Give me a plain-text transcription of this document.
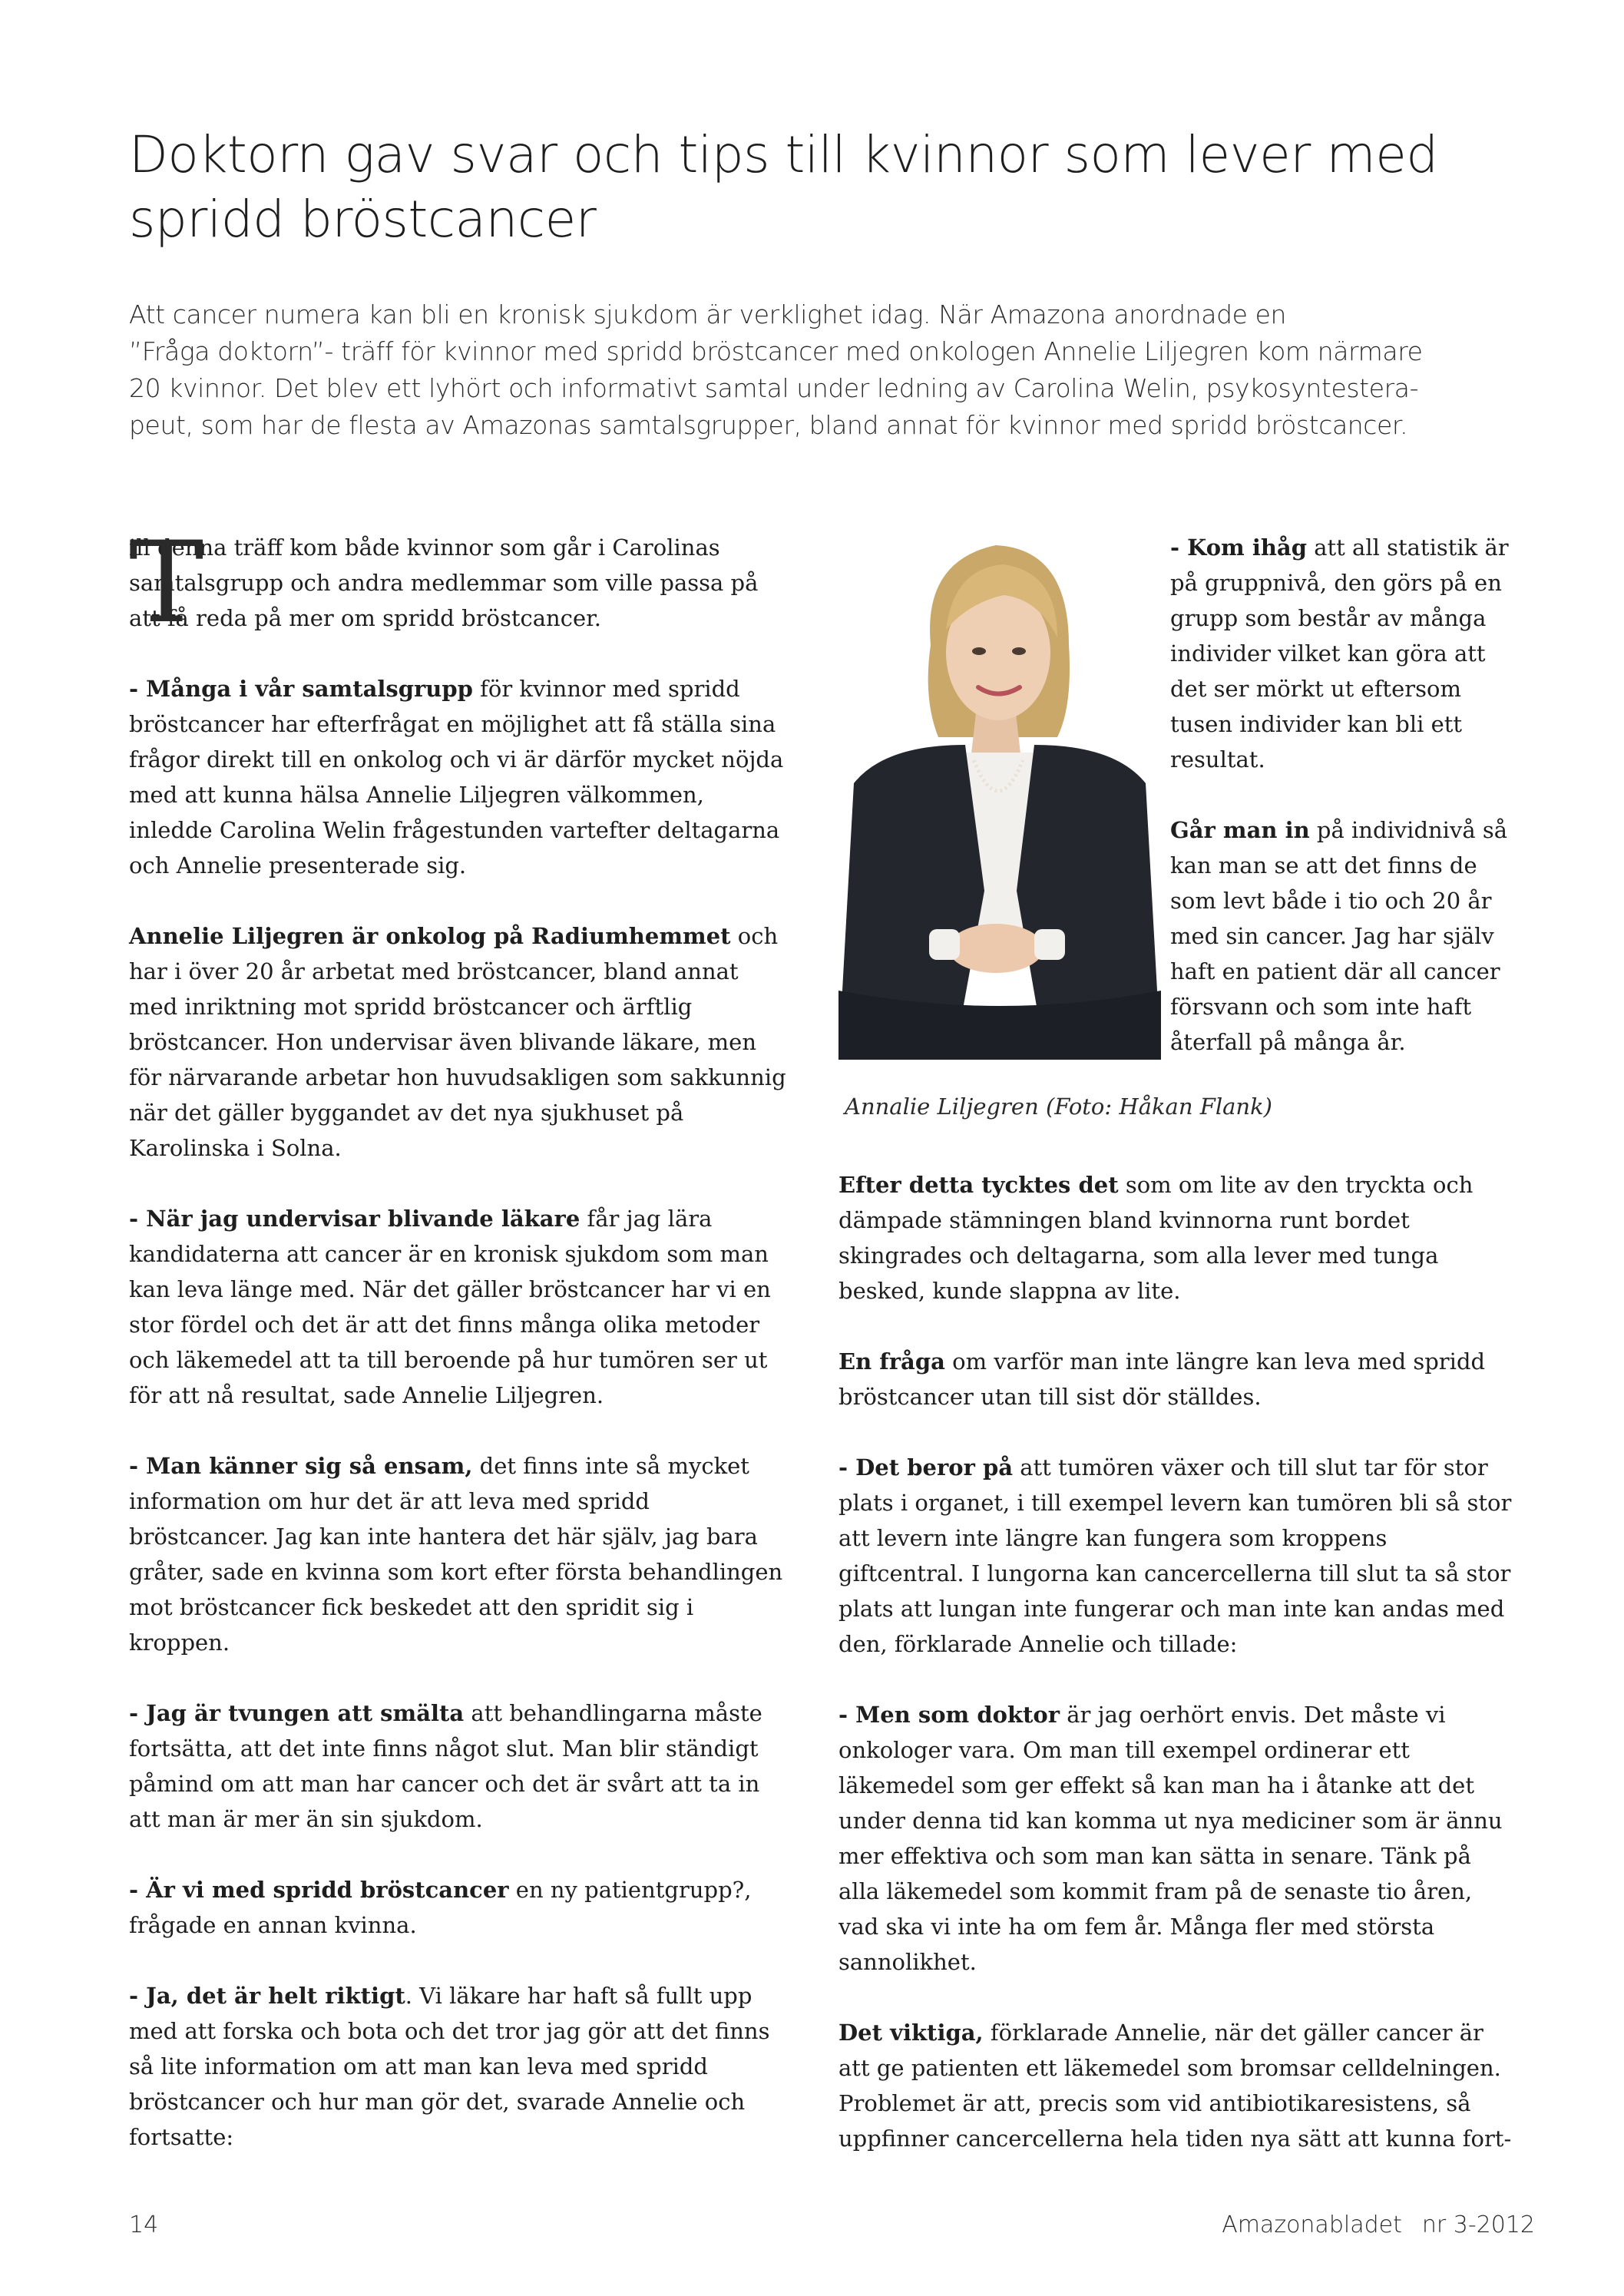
Doktorn gav svar och tips till kvinnor som lever med
spridd bröstcancer
Att cancer numera kan bli en kronisk sjukdom är verklighet idag. När Amazona anordnade en
”Fråga doktorn”- träff för kvinnor med spridd bröstcancer med onkologen Annelie Liljegren kom närmare
20 kvinnor. Det blev ett lyhört och informativt samtal under ledning av Carolina Welin, psykosyntestera-
peut, som har de flesta av Amazonas samtalsgrupper, bland annat för kvinnor med spridd bröstcancer.
T

ill denna träff kom både kvinnor som går i Carolinas samtalsgrupp och andra medlemmar som ville passa på att få reda på mer om spridd bröstcancer.

- Många i vår samtalsgrupp för kvinnor med spridd bröstcancer har efterfrågat en möjlighet att få ställa sina frågor direkt till en onkolog och vi är därför mycket nöjda med att kunna hälsa Annelie Liljegren välkommen, inledde Carolina Welin frågestunden vartefter deltagarna och Annelie presenterade sig.

Annelie Liljegren är onkolog på Radiumhemmet och har i över 20 år arbetat med bröstcancer, bland annat med inriktning mot spridd bröstcancer och ärftlig bröstcancer. Hon undervisar även blivande läkare, men för närvarande arbetar hon huvudsakligen som sakkunnig när det gäller byggandet av det nya sjukhuset på Karolinska i Solna.

- När jag undervisar blivande läkare får jag lära kandidaterna att cancer är en kronisk sjukdom som man kan leva länge med. När det gäller bröstcancer har vi en stor fördel och det är att det finns många olika metoder och läkemedel att ta till beroende på hur tumören ser ut för att nå resultat, sade Annelie Liljegren.

- Man känner sig så ensam, det finns inte så mycket information om hur det är att leva med spridd bröstcancer. Jag kan inte hantera det här själv, jag bara gråter, sade en kvinna som kort efter första behandlingen mot bröstcancer fick beskedet att den spridit sig i kroppen.

- Jag är tvungen att smälta att behandlingarna måste fortsätta, att det inte finns något slut. Man blir ständigt påmind om att man har cancer och det är svårt att ta in att man är mer än sin sjukdom.

- Är vi med spridd bröstcancer en ny patientgrupp?, frågade en annan kvinna.

- Ja, det är helt riktigt. Vi läkare har haft så fullt upp med att forska och bota och det tror jag gör att det finns så lite information om att man kan leva med spridd bröstcancer och hur man gör det, svarade Annelie och fortsatte:

Annalie Liljegren (Foto: Håkan Flank)

- Kom ihåg att all statistik är på gruppnivå, den görs på en grupp som består av många individer vilket kan göra att det ser mörkt ut eftersom tusen individer kan bli ett resultat.

Går man in på individnivå så kan man se att det finns de som levt både i tio och 20 år med sin cancer. Jag har själv haft en patient där all cancer försvann och som inte haft återfall på många år.

Efter detta tycktes det som om lite av den tryckta och dämpade stämningen bland kvinnorna runt bordet skingrades och deltagarna, som alla lever med tunga besked, kunde slappna av lite.

En fråga om varför man inte längre kan leva med spridd bröstcancer utan till sist dör ställdes.

- Det beror på att tumören växer och till slut tar för stor plats i organet, i till exempel levern kan tumören bli så stor att levern inte längre kan fungera som kroppens giftcentral. I lungorna kan cancercellerna till slut ta så stor plats att lungan inte fungerar och man inte kan andas med den, förklarade Annelie och tillade:

- Men som doktor är jag oerhört envis. Det måste vi onkologer vara. Om man till exempel ordinerar ett läkemedel som ger effekt så kan man ha i åtanke att det under denna tid kan komma ut nya mediciner som är ännu mer effektiva och som man kan sätta in senare. Tänk på alla läkemedel som kommit fram på de senaste tio åren, vad ska vi inte ha om fem år. Många fler med största sannolikhet.

Det viktiga, förklarade Annelie, när det gäller cancer är att ge patienten ett läkemedel som bromsar celldelningen. Problemet är att, precis som vid antibiotikaresistens, så uppfinner cancercellerna hela tiden nya sätt att kunna fort-

14	Amazonabladet nr 3-2012
